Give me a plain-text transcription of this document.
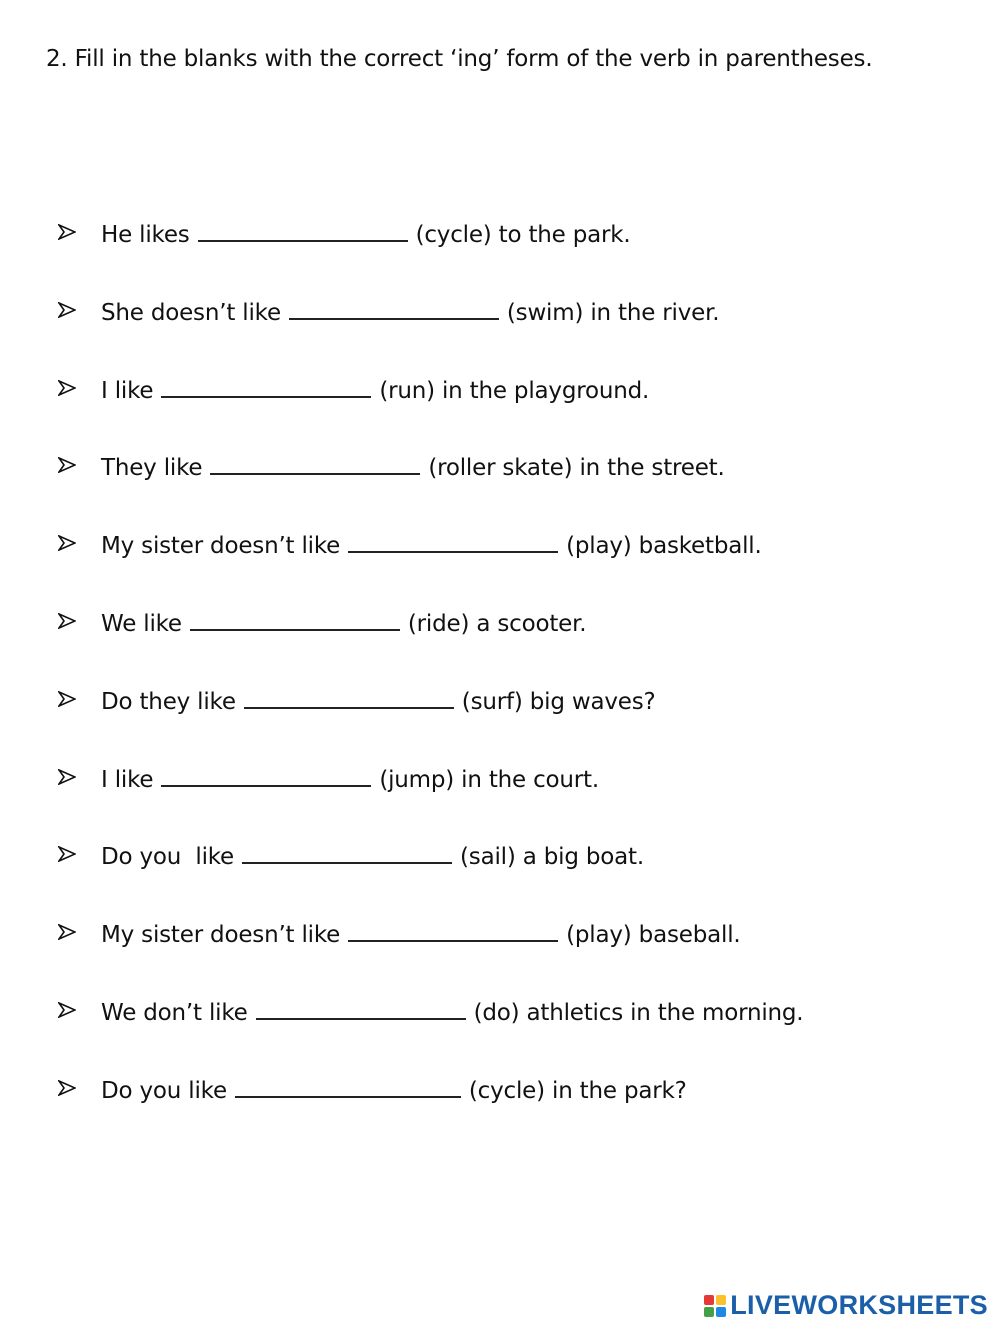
2. Fill in the blanks with the correct ‘ing’ form of the verb in parentheses.
He likes	(cycle) to the park.
She doesn’t like	(swim) in the river.
I like	(run) in the playground.
They like	(roller skate) in the street.
My sister doesn’t like	(play) basketball.
We like	(ride) a scooter.
Do they like	(surf) big waves?
I like	(jump) in the court.
Do you  like	(sail) a big boat.
My sister doesn’t like	(play) baseball.
We don’t like	(do) athletics in the morning.
Do you like	(cycle) in the park?
LIVEWORKSHEETS
